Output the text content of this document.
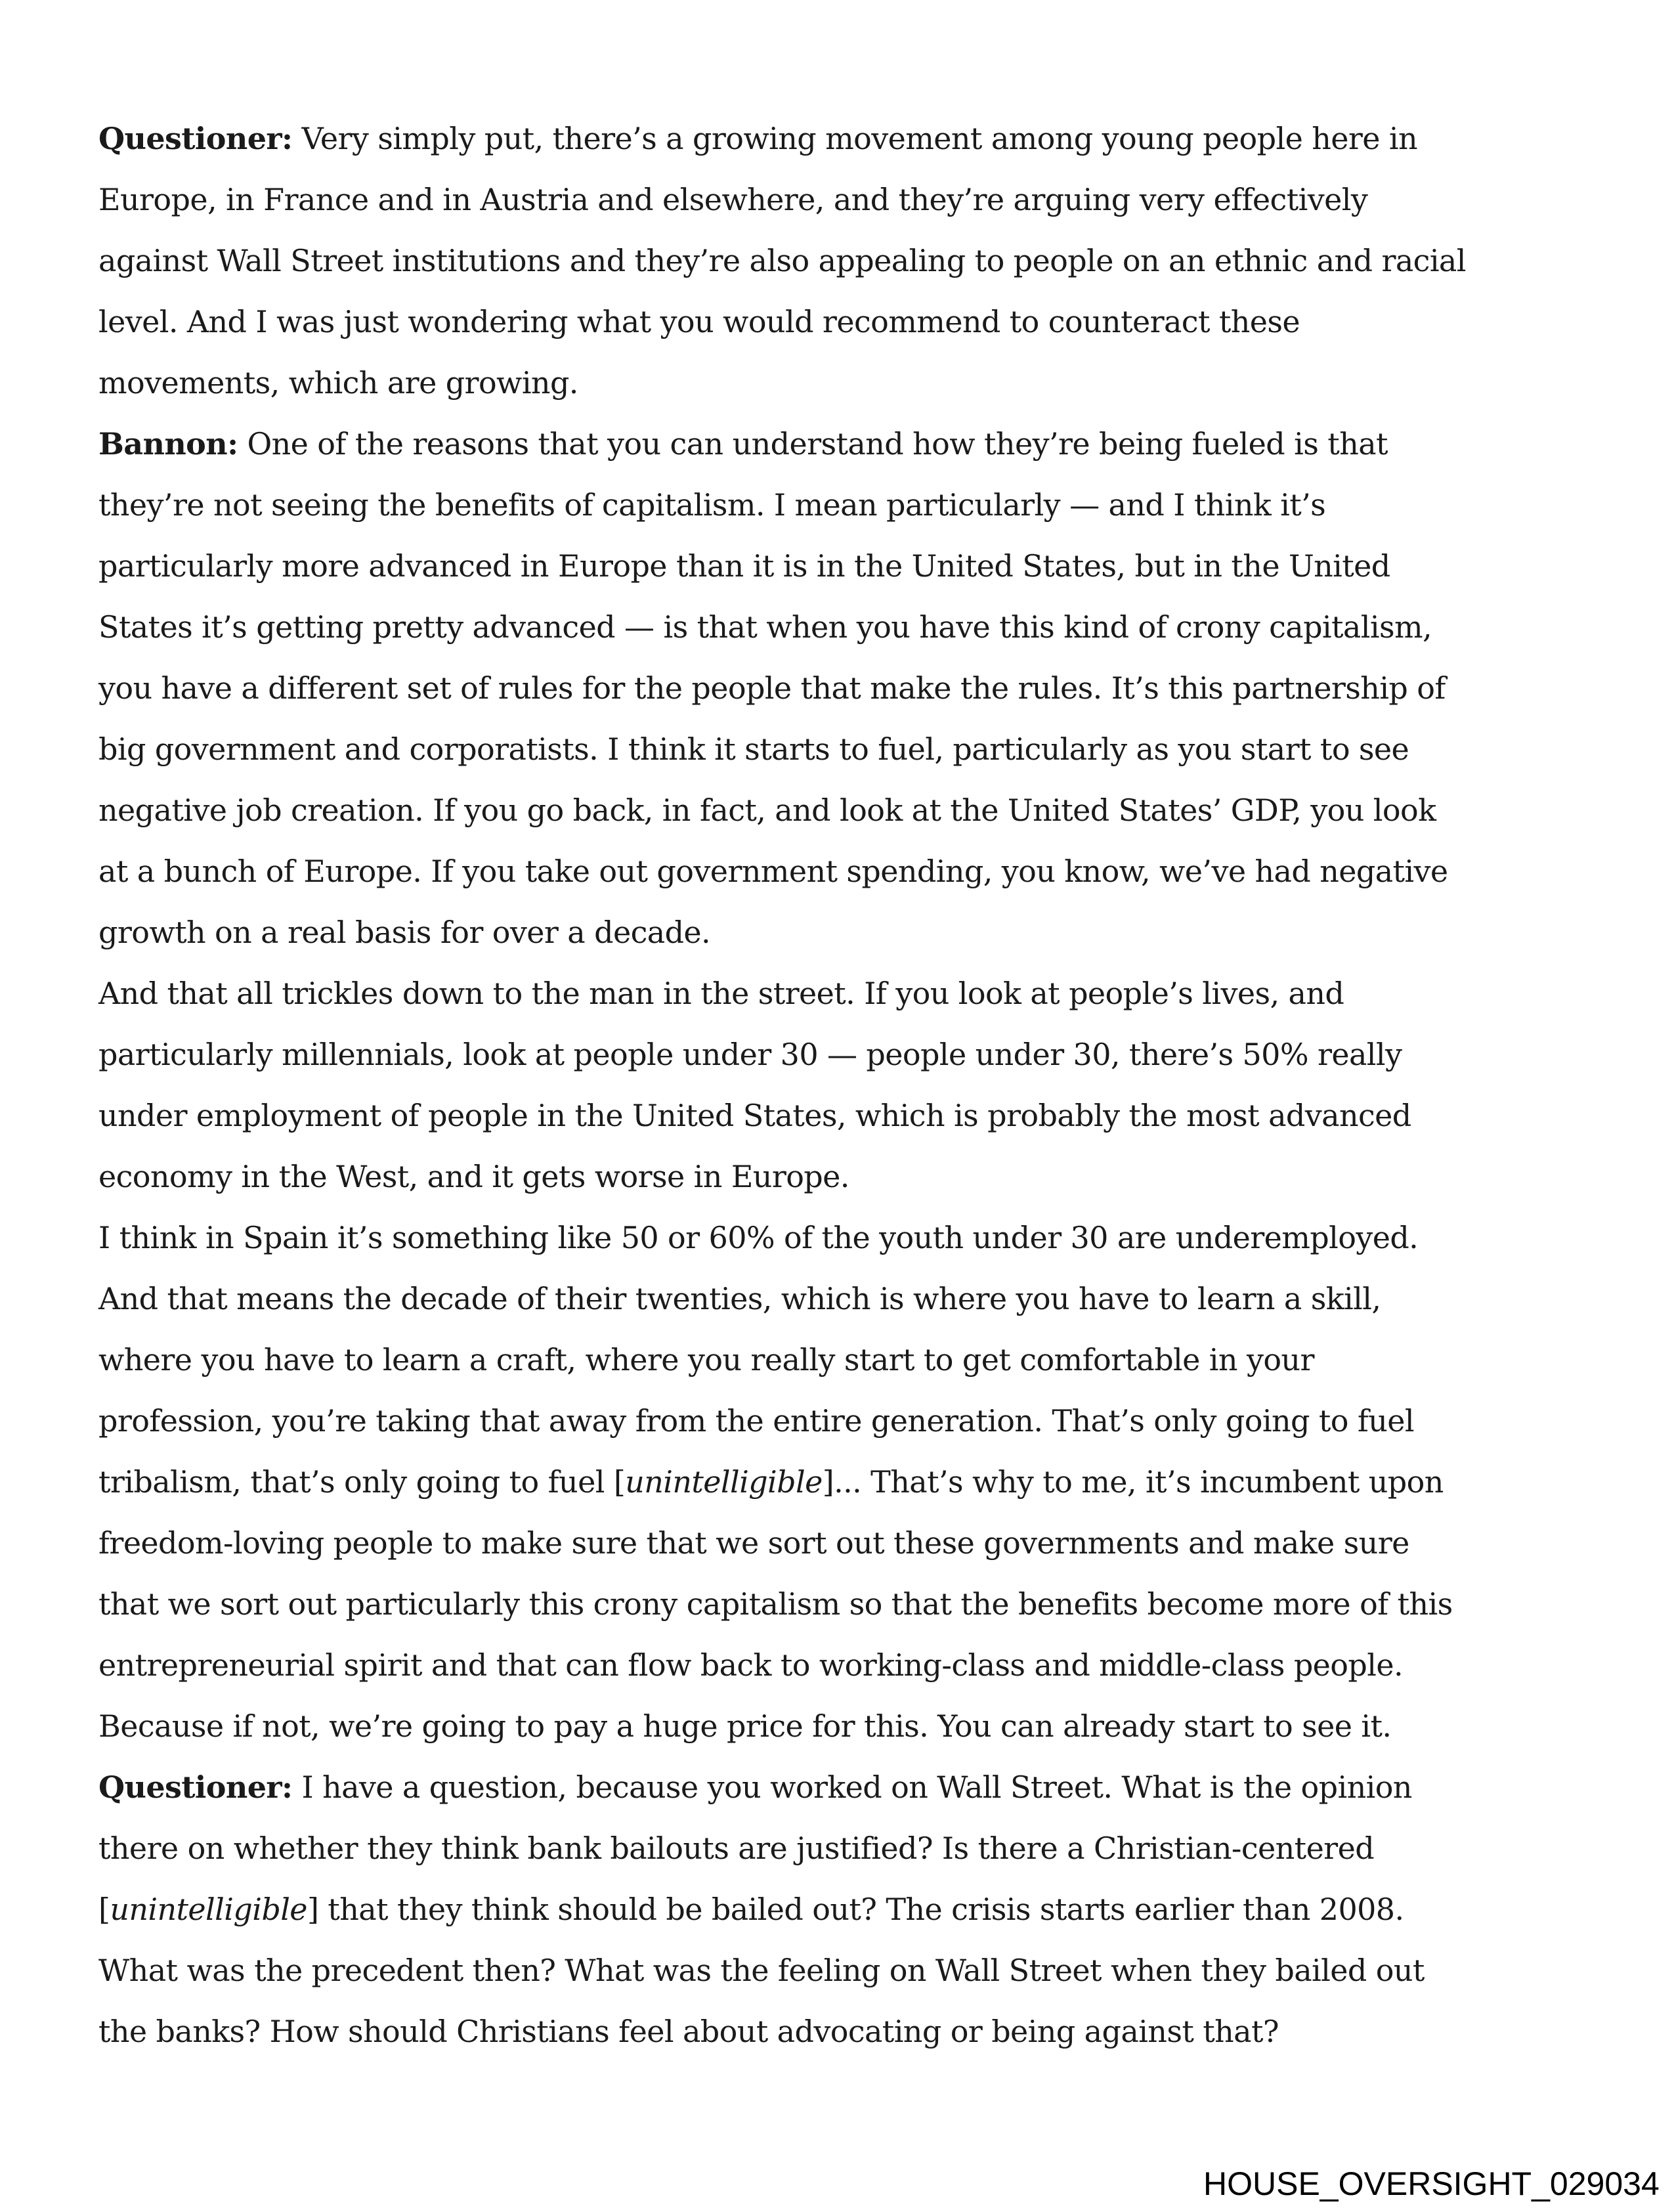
Questioner: Very simply put, there’s a growing movement among young people here in
Europe, in France and in Austria and elsewhere, and they’re arguing very effectively
against Wall Street institutions and they’re also appealing to people on an ethnic and racial
level. And I was just wondering what you would recommend to counteract these
movements, which are growing.
Bannon: One of the reasons that you can understand how they’re being fueled is that
they’re not seeing the benefits of capitalism. I mean particularly — and I think it’s
particularly more advanced in Europe than it is in the United States, but in the United
States it’s getting pretty advanced — is that when you have this kind of crony capitalism,
you have a different set of rules for the people that make the rules. It’s this partnership of
big government and corporatists. I think it starts to fuel, particularly as you start to see
negative job creation. If you go back, in fact, and look at the United States’ GDP, you look
at a bunch of Europe. If you take out government spending, you know, we’ve had negative
growth on a real basis for over a decade.
And that all trickles down to the man in the street. If you look at people’s lives, and
particularly millennials, look at people under 30 — people under 30, there’s 50% really
under employment of people in the United States, which is probably the most advanced
economy in the West, and it gets worse in Europe.
I think in Spain it’s something like 50 or 60% of the youth under 30 are underemployed.
And that means the decade of their twenties, which is where you have to learn a skill,
where you have to learn a craft, where you really start to get comfortable in your
profession, you’re taking that away from the entire generation. That’s only going to fuel
tribalism, that’s only going to fuel [unintelligible]... That’s why to me, it’s incumbent upon
freedom-loving people to make sure that we sort out these governments and make sure
that we sort out particularly this crony capitalism so that the benefits become more of this
entrepreneurial spirit and that can flow back to working-class and middle-class people.
Because if not, we’re going to pay a huge price for this. You can already start to see it.
Questioner: I have a question, because you worked on Wall Street. What is the opinion
there on whether they think bank bailouts are justified? Is there a Christian-centered
[unintelligible] that they think should be bailed out? The crisis starts earlier than 2008.
What was the precedent then? What was the feeling on Wall Street when they bailed out
the banks? How should Christians feel about advocating or being against that?
HOUSE_OVERSIGHT_029034
